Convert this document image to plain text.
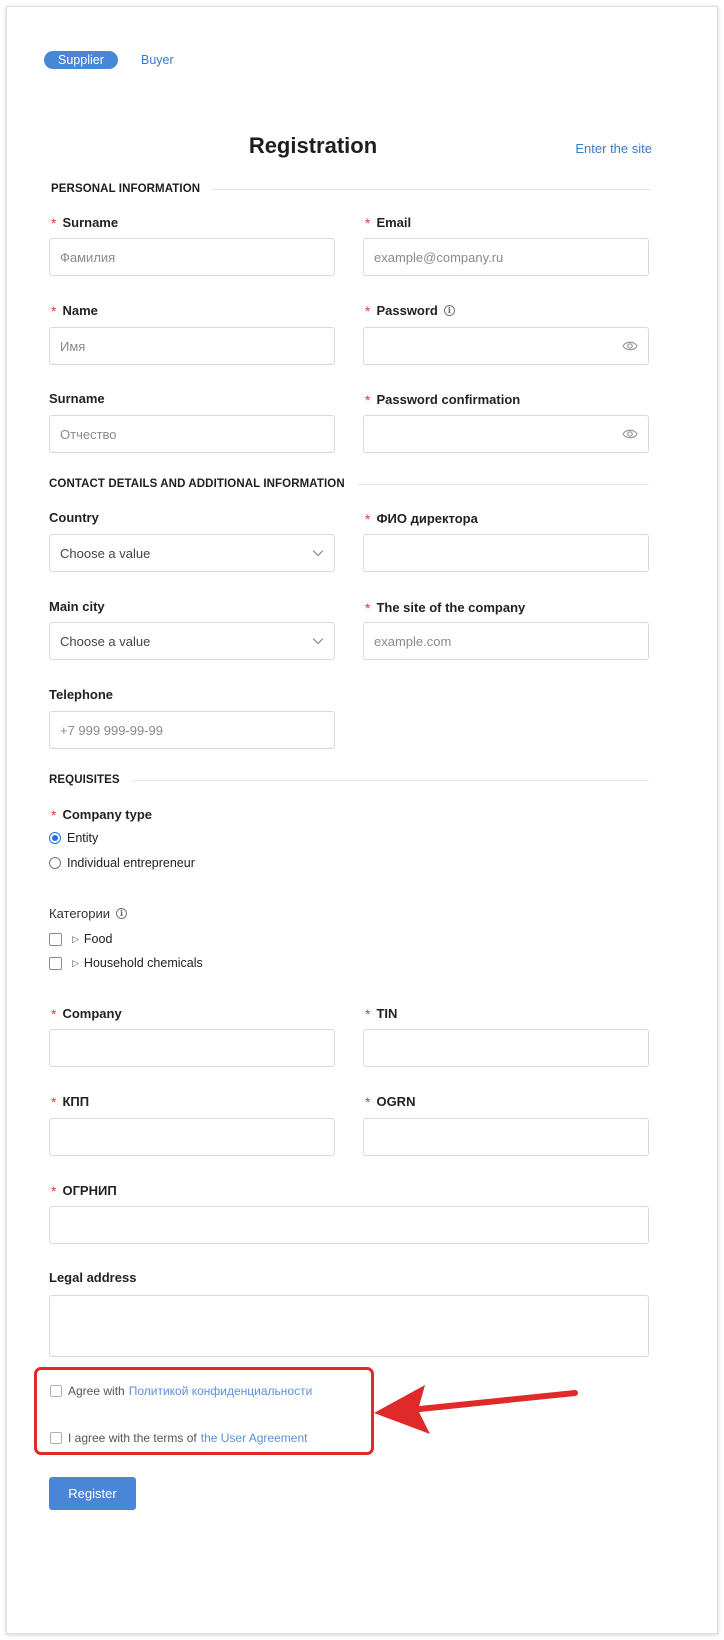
Supplier	Buyer
Registration	Enter the site
PERSONAL INFORMATION
* Surname
Фамилия
* Email
example@company.ru
* Name
Имя
* Password	i
Surname
Отчество
* Password confirmation
CONTACT DETAILS AND ADDITIONAL INFORMATION
Country
Choose a value
* ФИО директора
Main city
Choose a value
* The site of the company
example.com
Telephone
+7 999 999-99-99
REQUISITES
* Company type
Entity
Individual entrepreneur
Категории	i
▷ Food
▷ Household chemicals
* Company	* TIN
* КПП	* OGRN
* ОГРНИП
Legal address
Agree with Политикой конфиденциальности
I agree with the terms of the User Agreement
Register
